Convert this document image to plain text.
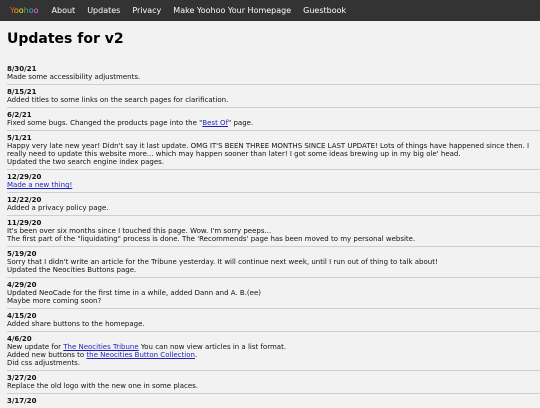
Yoohoo	About	Updates	Privacy	Make Yoohoo Your Homepage	Guestbook
Updates for v2

8/30/21

Made some accessibility adjustments.

8/15/21

Added titles to some links on the search pages for clarification.

6/2/21

Fixed some bugs. Changed the products page into the "Best Of" page.

5/1/21

Happy very late new year! Didn't say it last update. OMG IT'S BEEN THREE MONTHS SINCE LAST UPDATE! Lots of things have happened since then. I really need to update this website more... which may happen sooner than later! I got some ideas brewing up in my big ole' head.

Updated the two search engine index pages.

12/29/20

Made a new thing!

12/22/20

Added a privacy policy page.

11/29/20

It's been over six months since I touched this page. Wow. I'm sorry peeps...

The first part of the "liquidating" process is done. The 'Recommends' page has been moved to my personal website.

5/19/20

Sorry that I didn't write an article for the Tribune yesterday. It will continue next week, until I run out of thing to talk about!

Updated the Neocities Buttons page.

4/29/20

Updated NeoCade for the first time in a while, added Dann and A. B.(ee)

Maybe more coming soon?

4/15/20

Added share buttons to the homepage.

4/6/20

New update for The Neocities Tribune You can now view articles in a list format.

Added new buttons to the Neocities Button Collection.

Did css adjustments.

3/27/20

Replace the old logo with the new one in some places.

3/17/20
